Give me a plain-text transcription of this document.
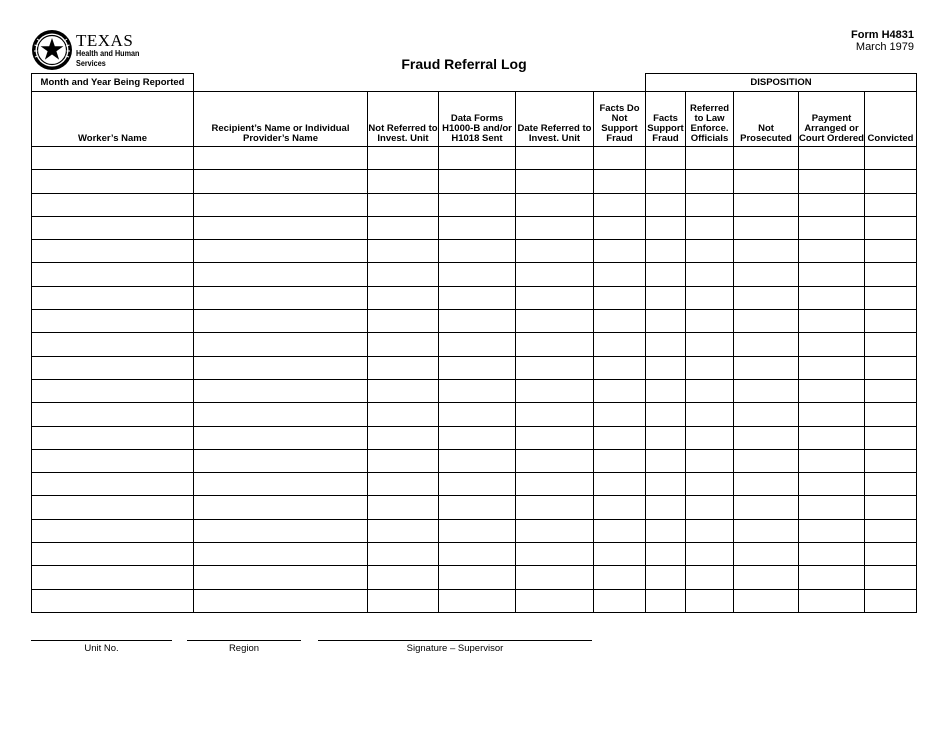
TEXAS
Health and Human
Services
Form H4831
March 1979
Fraud Referral Log
Month and Year Being Reported						DISPOSITION				
Worker’s Name	Recipient’s Name or Individual Provider’s Name	Not Referred to Invest. Unit	Data Forms H1000-B and/or H1018 Sent	Date Referred to Invest. Unit	Facts Do Not Support Fraud	Facts Support Fraud	Referred to Law Enforce. Officials	Not Prosecuted	Payment Arranged or Court Ordered	Convicted

Unit No.	Region	Signature – Supervisor
